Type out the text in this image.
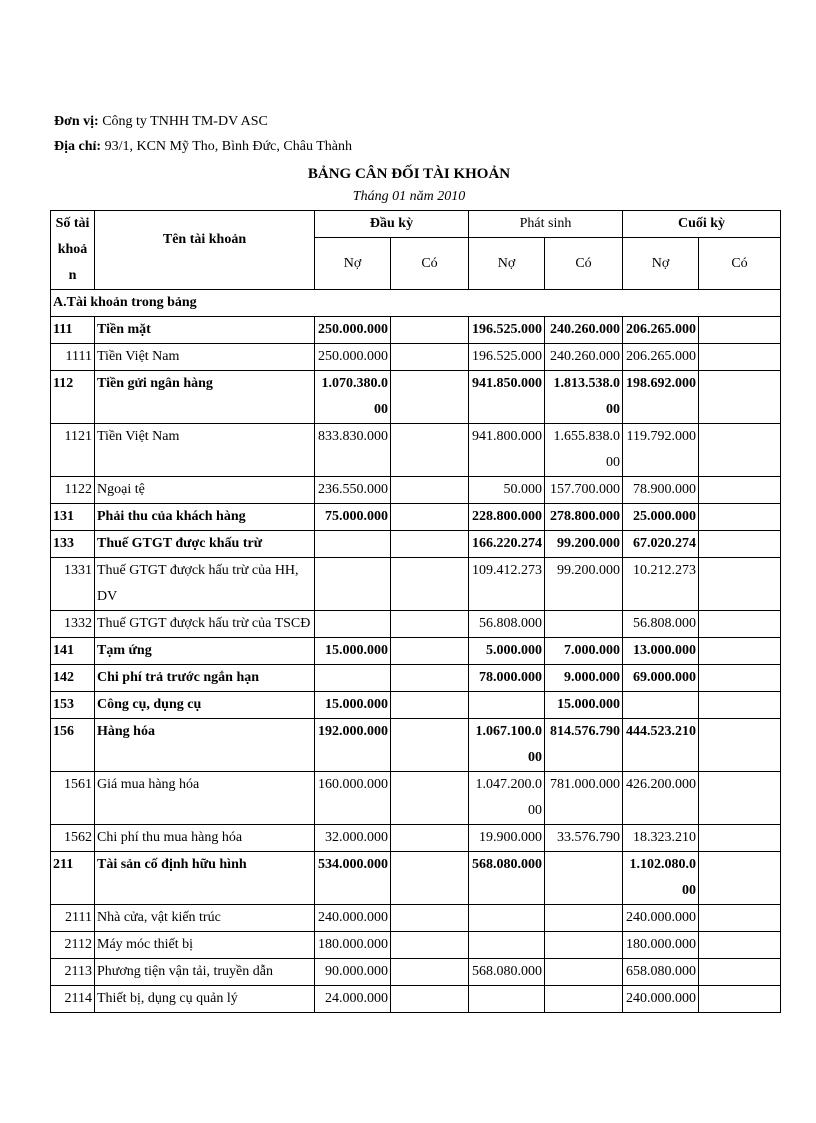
Đơn vị: Công ty TNHH TM-DV ASC
Địa chỉ: 93/1, KCN Mỹ Tho, Bình Đức, Châu Thành
BẢNG CÂN ĐỐI TÀI KHOẢN
Tháng 01 năm 2010
Số tài khoả n	Tên tài khoản	Đầu kỳ		Phát sinh		Cuối kỳ	
		Nợ	Có	Nợ	Có	Nợ	Có
A.Tài khoản trong bảng							
111	Tiền mặt	250.000.000		196.525.000	240.260.000	206.265.000	
1111	Tiền Việt Nam	250.000.000		196.525.000	240.260.000	206.265.000	
112	Tiền gửi ngân hàng	1.070.380.000		941.850.000	1.813.538.000	198.692.000	
1121	Tiền Việt Nam	833.830.000		941.800.000	1.655.838.000	119.792.000	
1122	Ngoại tệ	236.550.000		50.000	157.700.000	78.900.000	
131	Phải thu của khách hàng	75.000.000		228.800.000	278.800.000	25.000.000	
133	Thuế GTGT được khấu trừ			166.220.274	99.200.000	67.020.274	
1331	Thuế GTGT đượck hấu trừ của HH, DV			109.412.273	99.200.000	10.212.273	
1332	Thuế GTGT đượck hấu trừ của TSCĐ			56.808.000		56.808.000	
141	Tạm ứng	15.000.000		5.000.000	7.000.000	13.000.000	
142	Chi phí trả trước ngắn hạn			78.000.000	9.000.000	69.000.000	
153	Công cụ, dụng cụ	15.000.000			15.000.000		
156	Hàng hóa	192.000.000		1.067.100.000	814.576.790	444.523.210	
1561	Giá mua hàng hóa	160.000.000		1.047.200.000	781.000.000	426.200.000	
1562	Chi phí thu mua hàng hóa	32.000.000		19.900.000	33.576.790	18.323.210	
211	Tài sản cố định hữu hình	534.000.000		568.080.000		1.102.080.000	
2111	Nhà cửa, vật kiến trúc	240.000.000				240.000.000	
2112	Máy móc thiết bị	180.000.000				180.000.000	
2113	Phương tiện vận tải, truyền dẫn	90.000.000		568.080.000		658.080.000	
2114	Thiết bị, dụng cụ quản lý	24.000.000				240.000.000	
